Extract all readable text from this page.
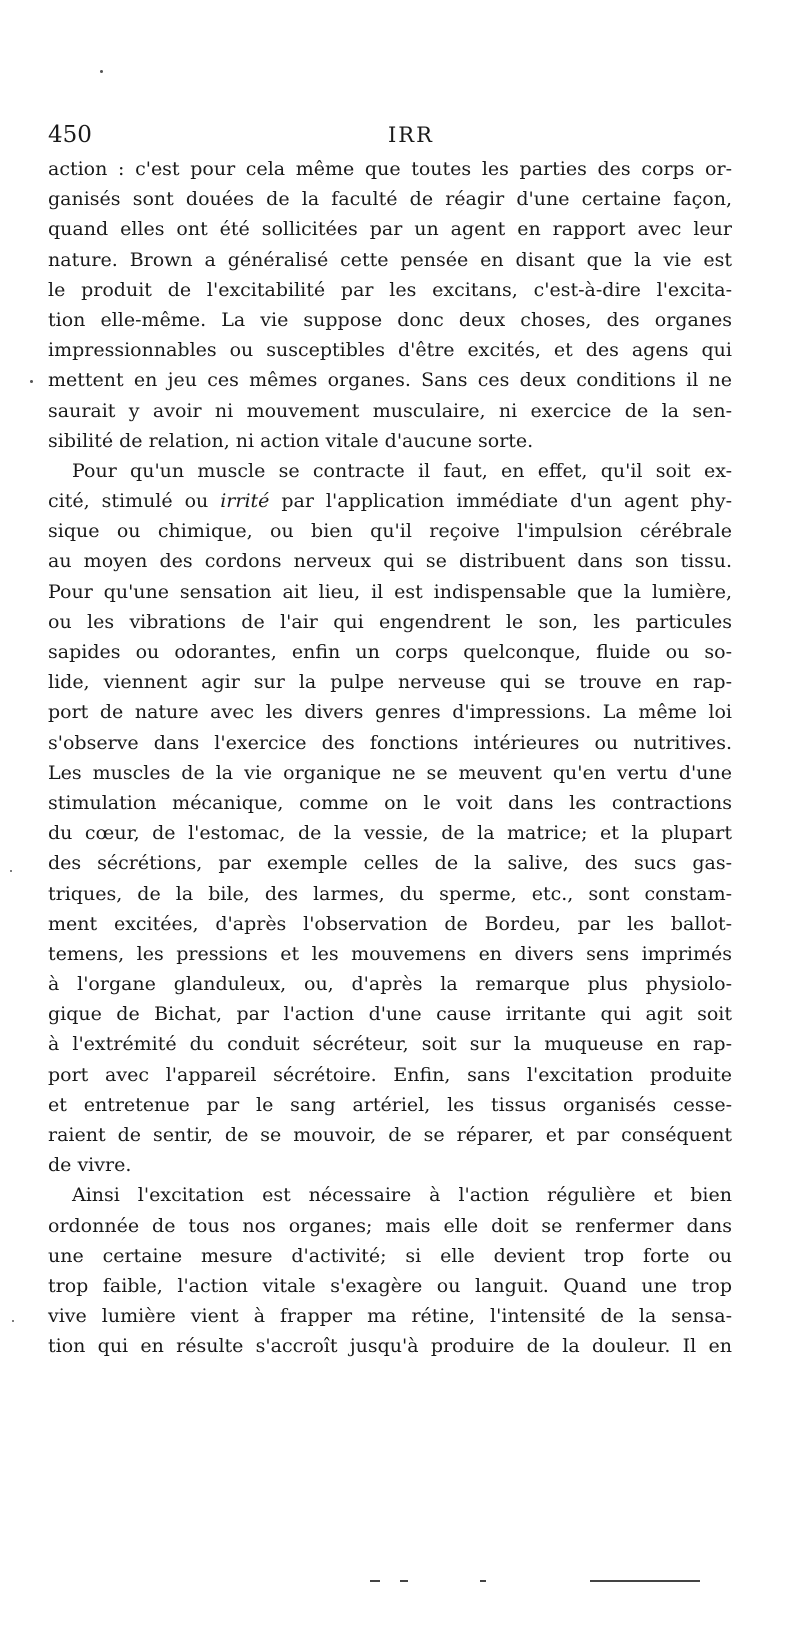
450	IRR
action : c'est pour cela même que toutes les parties des corps or-
ganisés sont douées de la faculté de réagir d'une certaine façon,
quand elles ont été sollicitées par un agent en rapport avec leur
nature. Brown a généralisé cette pensée en disant que la vie est
le produit de l'excitabilité par les excitans, c'est-à-dire l'excita-
tion elle-même. La vie suppose donc deux choses, des organes
impressionnables ou susceptibles d'être excités, et des agens qui
mettent en jeu ces mêmes organes. Sans ces deux conditions il ne
saurait y avoir ni mouvement musculaire, ni exercice de la sen-
sibilité de relation, ni action vitale d'aucune sorte.
Pour qu'un muscle se contracte il faut, en effet, qu'il soit ex-
cité, stimulé ou irrité par l'application immédiate d'un agent phy-
sique ou chimique, ou bien qu'il reçoive l'impulsion cérébrale
au moyen des cordons nerveux qui se distribuent dans son tissu.
Pour qu'une sensation ait lieu, il est indispensable que la lumière,
ou les vibrations de l'air qui engendrent le son, les particules
sapides ou odorantes, enfin un corps quelconque, fluide ou so-
lide, viennent agir sur la pulpe nerveuse qui se trouve en rap-
port de nature avec les divers genres d'impressions. La même loi
s'observe dans l'exercice des fonctions intérieures ou nutritives.
Les muscles de la vie organique ne se meuvent qu'en vertu d'une
stimulation mécanique, comme on le voit dans les contractions
du cœur, de l'estomac, de la vessie, de la matrice; et la plupart
des sécrétions, par exemple celles de la salive, des sucs gas-
triques, de la bile, des larmes, du sperme, etc., sont constam-
ment excitées, d'après l'observation de Bordeu, par les ballot-
temens, les pressions et les mouvemens en divers sens imprimés
à l'organe glanduleux, ou, d'après la remarque plus physiolo-
gique de Bichat, par l'action d'une cause irritante qui agit soit
à l'extrémité du conduit sécréteur, soit sur la muqueuse en rap-
port avec l'appareil sécrétoire. Enfin, sans l'excitation produite
et entretenue par le sang artériel, les tissus organisés cesse-
raient de sentir, de se mouvoir, de se réparer, et par conséquent
de vivre.
Ainsi l'excitation est nécessaire à l'action régulière et bien
ordonnée de tous nos organes; mais elle doit se renfermer dans
une certaine mesure d'activité; si elle devient trop forte ou
trop faible, l'action vitale s'exagère ou languit. Quand une trop
vive lumière vient à frapper ma rétine, l'intensité de la sensa-
tion qui en résulte s'accroît jusqu'à produire de la douleur. Il en
